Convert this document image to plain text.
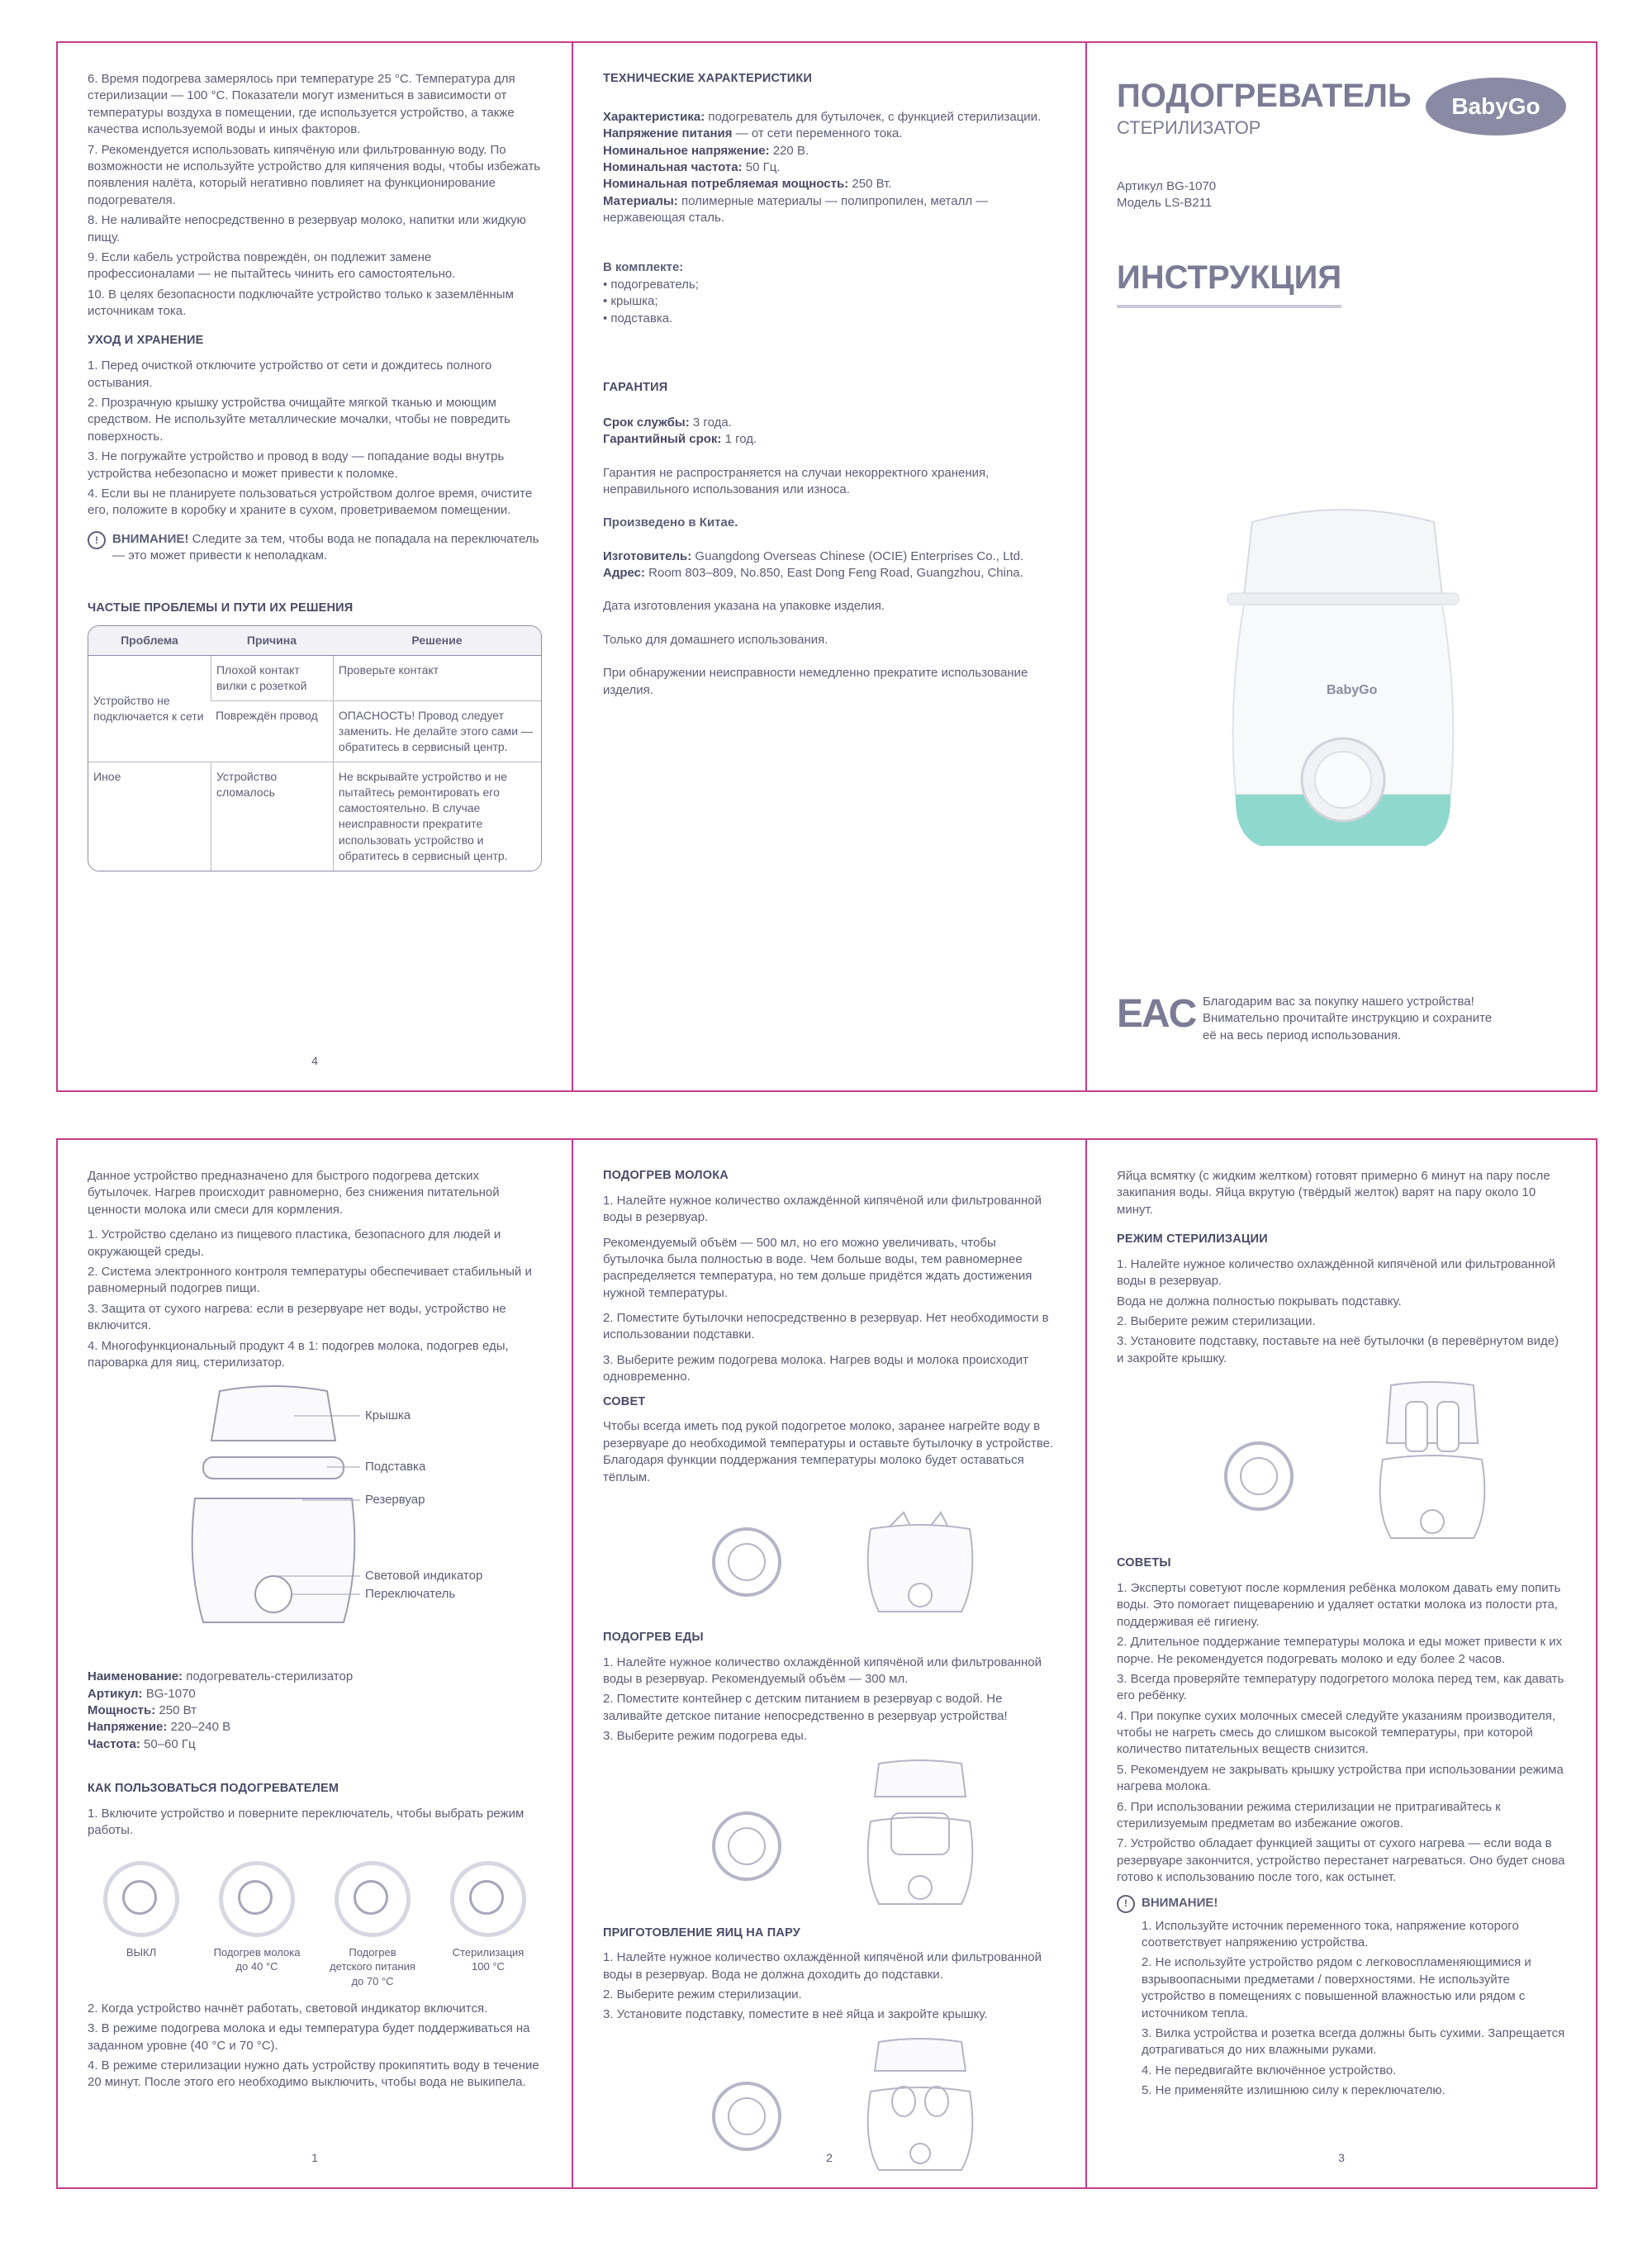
6. Время подогрева замерялось при температуре 25 °C. Температура для стерилизации — 100 °C. Показатели могут измениться в зависимости от температуры воздуха в помещении, где используется устройство, а также качества используемой воды и иных факторов.
7. Рекомендуется использовать кипячёную или фильтрованную воду. По возможности не используйте устройство для кипячения воды, чтобы избежать появления налёта, который негативно повлияет на функционирование подогревателя.
8. Не наливайте непосредственно в резервуар молоко, напитки или жидкую пищу.
9. Если кабель устройства повреждён, он подлежит замене профессионалами — не пытайтесь чинить его самостоятельно.
10. В целях безопасности подключайте устройство только к заземлённым источникам тока.
УХОД И ХРАНЕНИЕ
1. Перед очисткой отключите устройство от сети и дождитесь полного остывания.
2. Прозрачную крышку устройства очищайте мягкой тканью и моющим средством. Не используйте металлические мочалки, чтобы не повредить поверхность.
3. Не погружайте устройство и провод в воду — попадание воды внутрь устройства небезопасно и может привести к поломке.
4. Если вы не планируете пользоваться устройством долгое время, очистите его, положите в коробку и храните в сухом, проветриваемом помещении.
!	ВНИМАНИЕ! Следите за тем, чтобы вода не попадала на переключатель — это может привести к неполадкам.
ЧАСТЫЕ ПРОБЛЕМЫ И ПУТИ ИХ РЕШЕНИЯ
Проблема	Причина	Решение
Устройство не подключается к сети	Плохой контакт вилки с розеткой	Проверьте контакт
	Повреждён провод	ОПАСНОСТЬ! Провод следует заменить. Не делайте этого сами — обратитесь в сервисный центр.
Иное	Устройство сломалось	Не вскрывайте устройство и не пытайтесь ремонтировать его самостоятельно. В случае неисправности прекратите использовать устройство и обратитесь в сервисный центр.
4
ТЕХНИЧЕСКИЕ ХАРАКТЕРИСТИКИ

Характеристика: подогреватель для бутылочек, с функцией стерилизации.

Напряжение питания — от сети переменного тока.

Номинальное напряжение: 220 В.

Номинальная частота: 50 Гц.

Номинальная потребляемая мощность: 250 Вт.

Материалы: полимерные материалы — полипропилен, металл — нержавеющая сталь.

В комплекте:
• подогреватель;
• крышка;
• подставка.
ГАРАНТИЯ

Срок службы: 3 года.

Гарантийный срок: 1 год.

Гарантия не распространяется на случаи некорректного хранения, неправильного использования или износа.

Произведено в Китае.

Изготовитель: Guangdong Overseas Chinese (OCIE) Enterprises Co., Ltd.

Адрес: Room 803–809, No.850, East Dong Feng Road, Guangzhou, China.

Дата изготовления указана на упаковке изделия.

Только для домашнего использования.

При обнаружении неисправности немедленно прекратите использование изделия.

ПОДОГРЕВАТЕЛЬ
СТЕРИЛИЗАТОР
BabyGo
Артикул BG-1070
Модель LS-B211
ИНСТРУКЦИЯ
BabyGo
EAC Благодарим вас за покупку нашего устройства!
Внимательно прочитайте инструкцию и сохраните
её на весь период использования.

Данное устройство предназначено для быстрого подогрева детских бутылочек. Нагрев происходит равномерно, без снижения питательной ценности молока или смеси для кормления.

1. Устройство сделано из пищевого пластика, безопасного для людей и окружающей среды.
2. Система электронного контроля температуры обеспечивает стабильный и равномерный подогрев пищи.
3. Защита от сухого нагрева: если в резервуаре нет воды, устройство не включится.
4. Многофункциональный продукт 4 в 1: подогрев молока, подогрев еды, пароварка для яиц, стерилизатор.
Крышка
Подставка
Резервуар
Световой индикатор
Переключатель

Наименование: подогреватель-стерилизатор

Артикул: BG-1070

Мощность: 250 Вт

Напряжение: 220–240 В

Частота: 50–60 Гц

КАК ПОЛЬЗОВАТЬСЯ ПОДОГРЕВАТЕЛЕМ

1. Включите устройство и поверните переключатель, чтобы выбрать режим работы.

ВЫКЛ	Подогрев молока до 40 °C
Подогрев детского питания до 70 °C
Стерилизация 100 °C
2. Когда устройство начнёт работать, световой индикатор включится.
3. В режиме подогрева молока и еды температура будет поддерживаться на заданном уровне (40 °C и 70 °C).
4. В режиме стерилизации нужно дать устройству прокипятить воду в течение 20 минут. После этого его необходимо выключить, чтобы вода не выкипела.
1
ПОДОГРЕВ МОЛОКА

1. Налейте нужное количество охлаждённой кипячёной или фильтрованной воды в резервуар.

Рекомендуемый объём — 500 мл, но его можно увеличивать, чтобы бутылочка была полностью в воде. Чем больше воды, тем равномернее распределяется температура, но тем дольше придётся ждать достижения нужной температуры.

2. Поместите бутылочки непосредственно в резервуар. Нет необходимости в использовании подставки.

3. Выберите режим подогрева молока. Нагрев воды и молока происходит одновременно.

СОВЕТ

Чтобы всегда иметь под рукой подогретое молоко, заранее нагрейте воду в резервуаре до необходимой температуры и оставьте бутылочку в устройстве. Благодаря функции поддержания температуры молоко будет оставаться тёплым.

ПОДОГРЕВ ЕДЫ
1. Налейте нужное количество охлаждённой кипячёной или фильтрованной воды в резервуар. Рекомендуемый объём — 300 мл.
2. Поместите контейнер с детским питанием в резервуар с водой. Не заливайте детское питание непосредственно в резервуар устройства!
3. Выберите режим подогрева еды.
ПРИГОТОВЛЕНИЕ ЯИЦ НА ПАРУ
1. Налейте нужное количество охлаждённой кипячёной или фильтрованной воды в резервуар. Вода не должна доходить до подставки.
2. Выберите режим стерилизации.
3. Установите подставку, поместите в неё яйца и закройте крышку.
2

Яйца всмятку (с жидким желтком) готовят примерно 6 минут на пару после закипания воды. Яйца вкрутую (твёрдый желток) варят на пару около 10 минут.

РЕЖИМ СТЕРИЛИЗАЦИИ

1. Налейте нужное количество охлаждённой кипячёной или фильтрованной воды в резервуар.

Вода не должна полностью покрывать подставку.

2. Выберите режим стерилизации.

3. Установите подставку, поставьте на неё бутылочки (в перевёрнутом виде) и закройте крышку.

СОВЕТЫ
1. Эксперты советуют после кормления ребёнка молоком давать ему попить воды. Это помогает пищеварению и удаляет остатки молока из полости рта, поддерживая её гигиену.
2. Длительное поддержание температуры молока и еды может привести к их порче. Не рекомендуется подогревать молоко и еду более 2 часов.
3. Всегда проверяйте температуру подогретого молока перед тем, как давать его ребёнку.
4. При покупке сухих молочных смесей следуйте указаниям производителя, чтобы не нагреть смесь до слишком высокой температуры, при которой количество питательных веществ снизится.
5. Рекомендуем не закрывать крышку устройства при использовании режима нагрева молока.
6. При использовании режима стерилизации не притрагивайтесь к стерилизуемым предметам во избежание ожогов.
7. Устройство обладает функцией защиты от сухого нагрева — если вода в резервуаре закончится, устройство перестанет нагреваться. Оно будет снова готово к использованию после того, как остынет.
!	ВНИМАНИЕ!
1. Используйте источник переменного тока, напряжение которого соответствует напряжению устройства.
2. Не используйте устройство рядом с легковоспламеняющимися и взрывоопасными предметами / поверхностями. Не используйте устройство в помещениях с повышенной влажностью или рядом с источником тепла.
3. Вилка устройства и розетка всегда должны быть сухими. Запрещается дотрагиваться до них влажными руками.
4. Не передвигайте включённое устройство.
5. Не применяйте излишнюю силу к переключателю.
3
